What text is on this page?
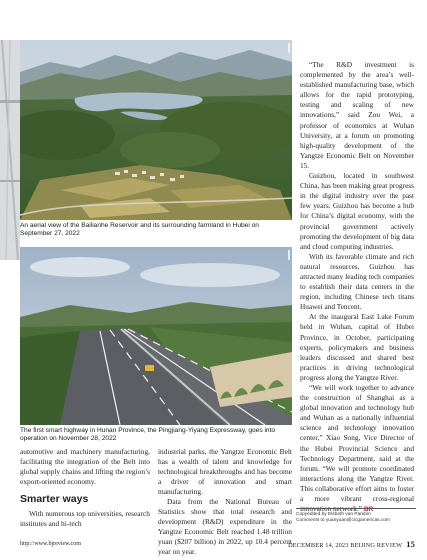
An aerial view of the Bailianhe Reservoir and its surrounding farmland in Hubei on September 27, 2022
The first smart highway in Hunan Province, the Pingjiang-Yiyang Expressway, goes into operation on November 28, 2022

automotive and machinery manufacturing, facilitating the integration of the Belt into global supply chains and lifting the region’s export-oriented economy.

Smarter ways

With numerous top universities, research institutes and hi-tech

industrial parks, the Yangtze Economic Belt has a wealth of talent and knowledge for technological breakthroughs and has become a driver of innovation and smart manufacturing.

Data from the National Bureau of Statistics show that total research and development (R&D) expenditure in the Yangtze Economic Belt reached 1.48 trillion yuan ($207 billion) in 2022, up 10.4 percent year on year.

“The R&D investment is complemented by the area’s well-established manufacturing base, which allows for the rapid prototyping, testing and scaling of new innovations,” said Zou Wei, a professor of economics at Wuhan University, at a forum on promoting high-quality development of the Yangtze Economic Belt on November 15.

Guizhou, located in southwest China, has been making great progress in the digital industry over the past few years. Guizhou has become a hub for China’s digital economy, with the provincial government actively promoting the development of big data and cloud computing industries.

With its favorable climate and rich natural resources, Guizhou has attracted many leading tech companies to establish their data centers in the region, including Chinese tech titans Huawei and Tencent.

At the inaugural East Lake Forum held in Wuhan, capital of Hubei Province, in October, participating experts, policymakers and business leaders discussed and shared best practices in driving technological progress along the Yangtze River.

“We will work together to advance the construction of Shanghai as a global innovation and technology hub and Wuhan as a nationally influential science and technology innovation center,” Xiao Song, Vice Director of the Hubei Provincial Science and Technology Department, said at the forum. “We will promote coordinated interactions along the Yangtze River. This collaborative effort aims to foster a more vibrant cross-regional innovation network.” BR

Copyedited by Elsbeth van Paridon
Comments to yuanyuan@cicgamericas.com
http://www.bjreview.com	DECEMBER 14, 2023 BEIJING REVIEW 15
